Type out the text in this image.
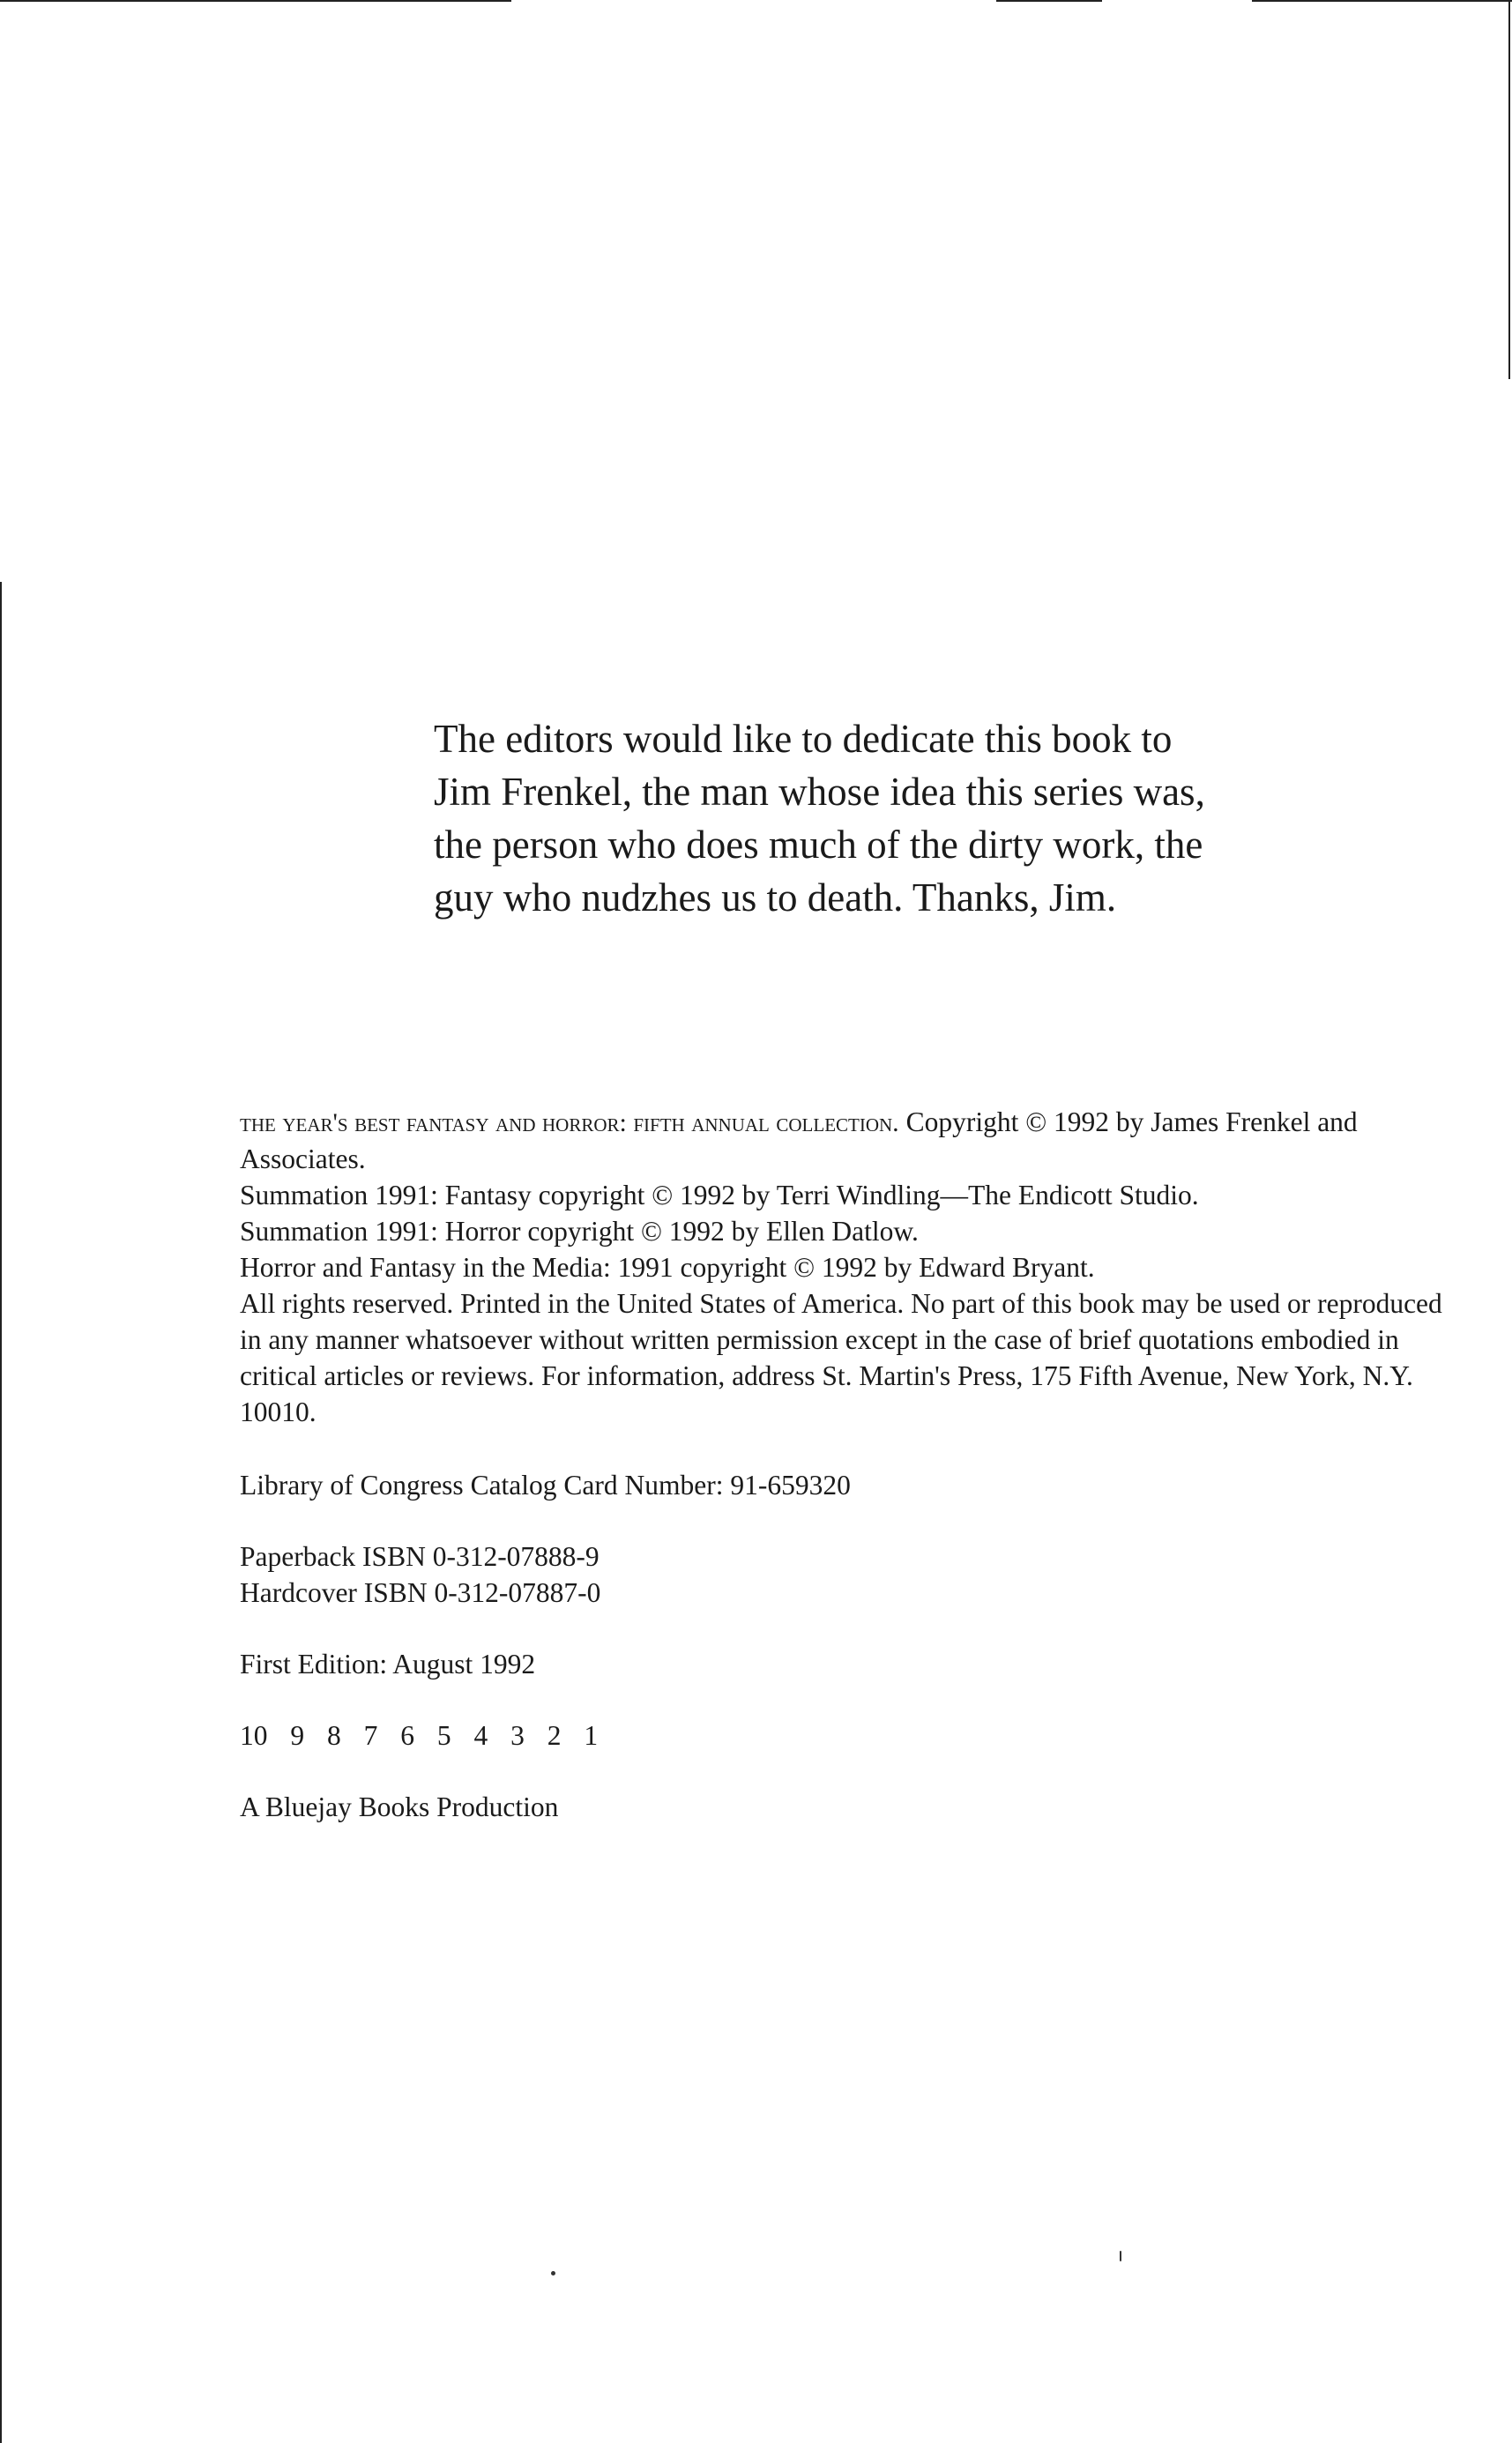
The editors would like to dedicate this book to
Jim Frenkel, the man whose idea this series was,
the person who does much of the dirty work, the
guy who nudzhes us to death. Thanks, Jim.

the year's best fantasy and horror: fifth annual collection. Copyright © 1992 by James Frenkel and Associates.

Summation 1991: Fantasy copyright © 1992 by Terri Windling—The Endicott Studio.

Summation 1991: Horror copyright © 1992 by Ellen Datlow.

Horror and Fantasy in the Media: 1991 copyright © 1992 by Edward Bryant.

All rights reserved. Printed in the United States of America. No part of this book may be used or reproduced in any manner whatsoever without written permission except in the case of brief quotations embodied in critical articles or reviews. For information, address St. Martin's Press, 175 Fifth Avenue, New York, N.Y. 10010.

Library of Congress Catalog Card Number: 91-659320

Paperback ISBN 0-312-07888-9

Hardcover ISBN 0-312-07887-0

First Edition: August 1992

10 9 8 7 6 5 4 3 2 1

A Bluejay Books Production
